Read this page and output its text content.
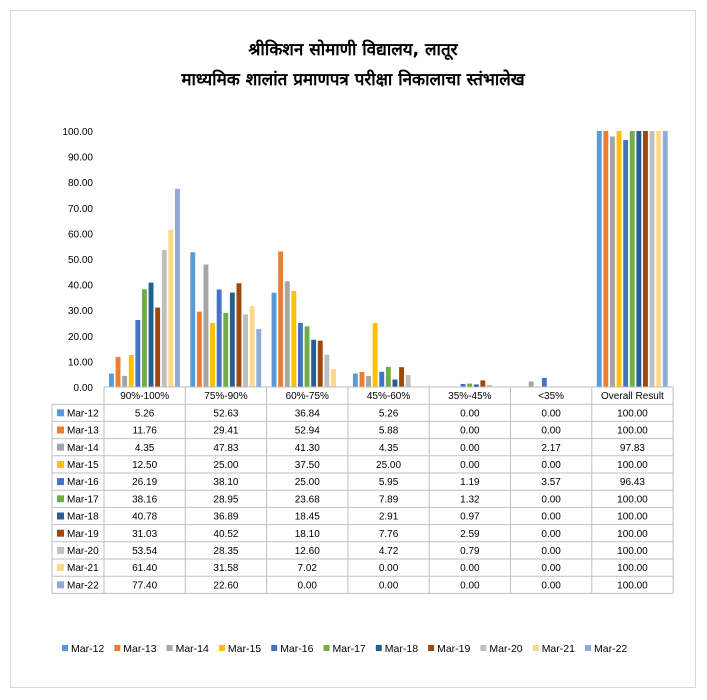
श्रीकिशन सोमाणी विद्यालय, लातूर
माध्यमिक शालांत प्रमाणपत्र परीक्षा निकालाचा स्तंभालेख
0.00
10.00
20.00
30.00
40.00
50.00
60.00
70.00
80.00
90.00
100.00
90%-100%	75%-90%	60%-75%	45%-60%	35%-45%	<35%	Overall Result
Mar-12	5.26	52.63	36.84	5.26	0.00	0.00	100.00
Mar-13	11.76	29.41	52.94	5.88	0.00	0.00	100.00
Mar-14	4.35	47.83	41.30	4.35	0.00	2.17	97.83
Mar-15	12.50	25.00	37.50	25.00	0.00	0.00	100.00
Mar-16	26.19	38.10	25.00	5.95	1.19	3.57	96.43
Mar-17	38.16	28.95	23.68	7.89	1.32	0.00	100.00
Mar-18	40.78	36.89	18.45	2.91	0.97	0.00	100.00
Mar-19	31.03	40.52	18.10	7.76	2.59	0.00	100.00
Mar-20	53.54	28.35	12.60	4.72	0.79	0.00	100.00
Mar-21	61.40	31.58	7.02	0.00	0.00	0.00	100.00
Mar-22	77.40	22.60	0.00	0.00	0.00	0.00	100.00
Mar-12 Mar-13 Mar-14 Mar-15 Mar-16 Mar-17 Mar-18 Mar-19 Mar-20 Mar-21 Mar-22
